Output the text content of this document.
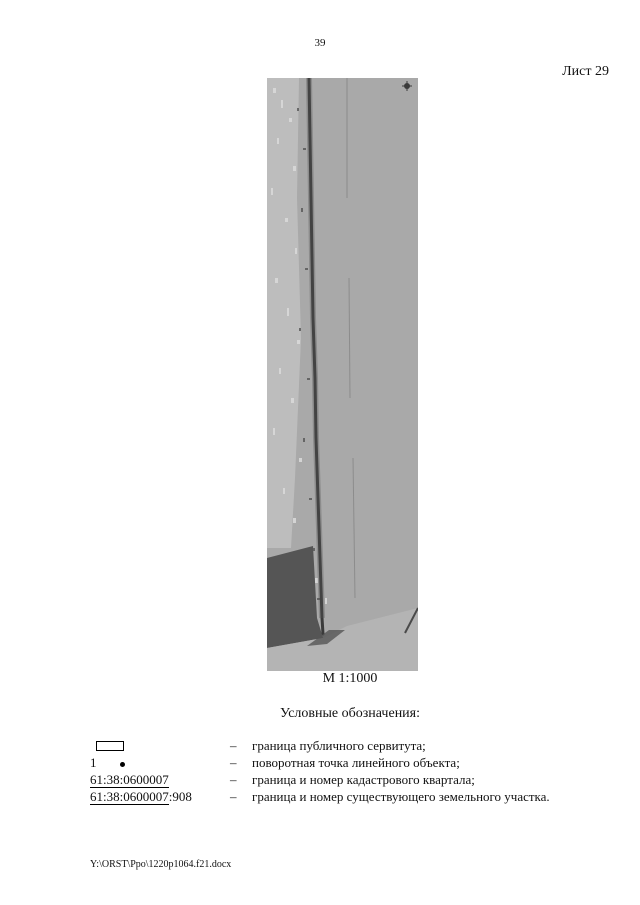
39
Лист 29
М 1:1000
Условные обозначения:
– граница публичного сервитута;
1	– поворотная точка линейного объекта;
61:38:0600007	– граница и номер кадастрового квартала;
61:38:0600007:908	– граница и номер существующего земельного участка.
Y:\ORST\Ppo\1220p1064.f21.docx
